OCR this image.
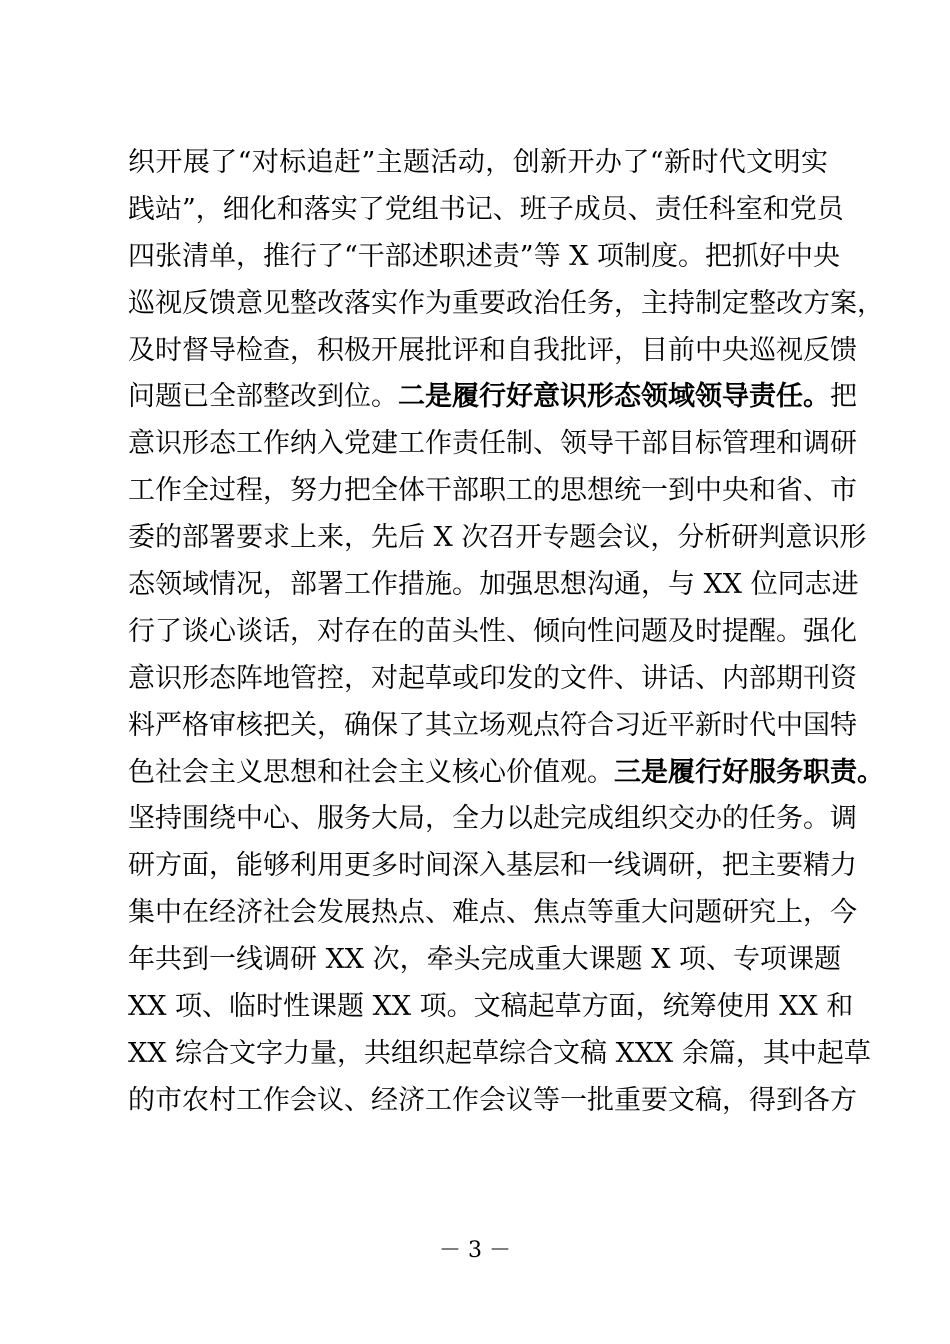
织开展了“对标追赶”主题活动，创新开办了“新时代文明实
践站”，细化和落实了党组书记、班子成员、责任科室和党员
四张清单，推行了“干部述职述责”等 X 项制度。把抓好中央
巡视反馈意见整改落实作为重要政治任务，主持制定整改方案，
及时督导检查，积极开展批评和自我批评，目前中央巡视反馈
问题已全部整改到位。二是履行好意识形态领域领导责任。把
意识形态工作纳入党建工作责任制、领导干部目标管理和调研
工作全过程，努力把全体干部职工的思想统一到中央和省、市
委的部署要求上来，先后 X 次召开专题会议，分析研判意识形
态领域情况，部署工作措施。加强思想沟通，与 XX 位同志进
行了谈心谈话，对存在的苗头性、倾向性问题及时提醒。强化
意识形态阵地管控，对起草或印发的文件、讲话、内部期刊资
料严格审核把关，确保了其立场观点符合习近平新时代中国特
色社会主义思想和社会主义核心价值观。三是履行好服务职责。
坚持围绕中心、服务大局，全力以赴完成组织交办的任务。调
研方面，能够利用更多时间深入基层和一线调研，把主要精力
集中在经济社会发展热点、难点、焦点等重大问题研究上，今
年共到一线调研 XX 次，牵头完成重大课题 X 项、专项课题
XX 项、临时性课题 XX 项。文稿起草方面，统筹使用 XX 和
XX 综合文字力量，共组织起草综合文稿 XXX 余篇，其中起草
的市农村工作会议、经济工作会议等一批重要文稿，得到各方
－ 3 －
